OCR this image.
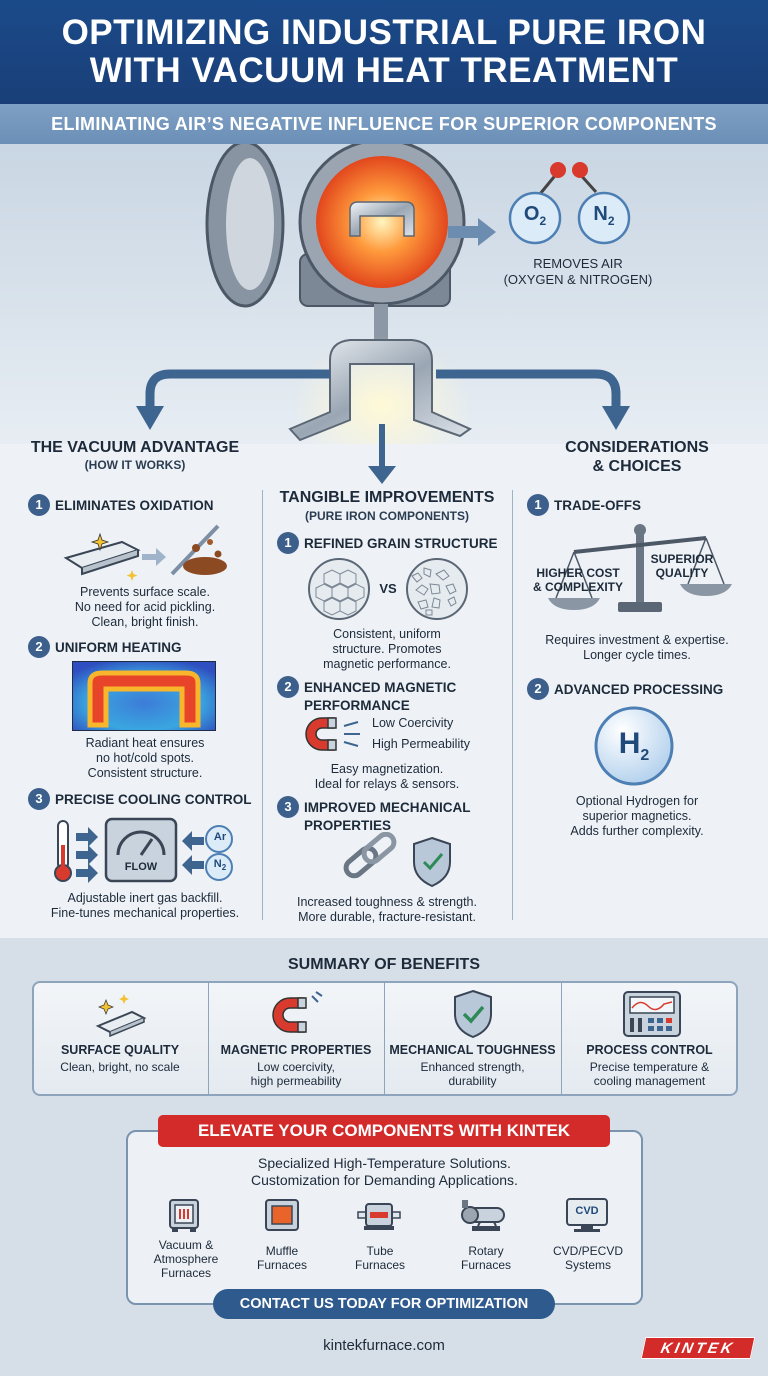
OPTIMIZING INDUSTRIAL PURE IRON
WITH VACUUM HEAT TREATMENT
ELIMINATING AIR’S NEGATIVE INFLUENCE FOR SUPERIOR COMPONENTS
$O_2$	$N_2$
REMOVES AIR
(OXYGEN & NITROGEN)
THE VACUUM ADVANTAGE
(HOW IT WORKS)
1 ELIMINATES OXIDATION
Prevents surface scale.
No need for acid pickling.
Clean, bright finish.
2 UNIFORM HEATING
Radiant heat ensures
no hot/cold spots.
Consistent structure.
3 PRECISE COOLING CONTROL
FLOW
Ar
$N_2$
Adjustable inert gas backfill.
Fine-tunes mechanical properties.
TANGIBLE IMPROVEMENTS
(PURE IRON COMPONENTS)
1 REFINED GRAIN STRUCTURE
VS
Consistent, uniform
structure. Promotes
magnetic performance.
2 ENHANCED MAGNETIC
PERFORMANCE
Low Coercivity
High Permeability
Easy magnetization.
Ideal for relays & sensors.
3 IMPROVED MECHANICAL
PROPERTIES
Increased toughness & strength.
More durable, fracture-resistant.
CONSIDERATIONS
& CHOICES
1 TRADE-OFFS
HIGHER COST
& COMPLEXITY
SUPERIOR
QUALITY
Requires investment & expertise.
Longer cycle times.
2 ADVANCED PROCESSING
$H_2$
Optional Hydrogen for
superior magnetics.
Adds further complexity.
SUMMARY OF BENEFITS
SURFACE QUALITY
Clean, bright, no scale
MAGNETIC PROPERTIES
Low coercivity,
high permeability
MECHANICAL TOUGHNESS
Enhanced strength,
durability
PROCESS CONTROL
Precise temperature &
cooling management
ELEVATE YOUR COMPONENTS WITH KINTEK
Specialized High-Temperature Solutions.
Customization for Demanding Applications.
CVD
Vacuum &
Atmosphere
Furnaces
Muffle
Furnaces
Tube
Furnaces
Rotary
Furnaces
CVD/PECVD
Systems
CONTACT US TODAY FOR OPTIMIZATION
kintekfurnace.com	KINTEK
